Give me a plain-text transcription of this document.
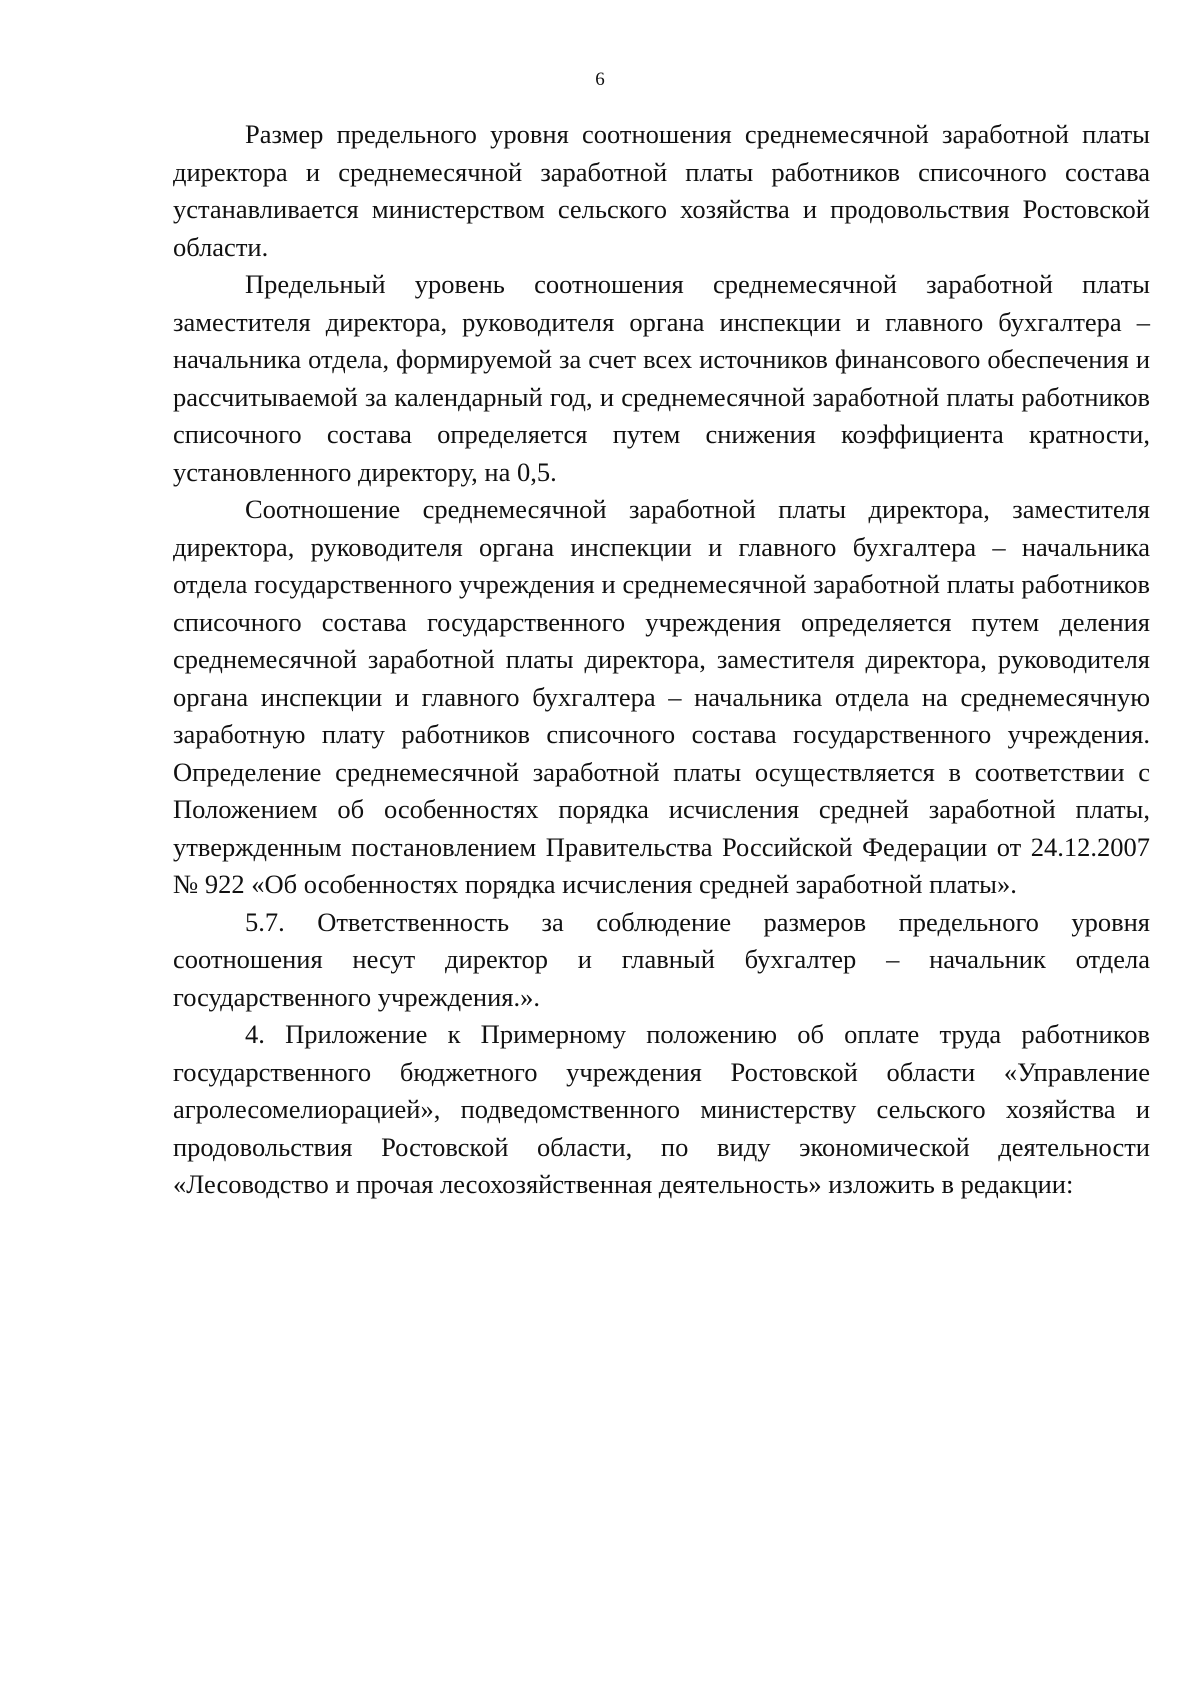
6

Размер предельного уровня соотношения среднемесячной заработной платы директора и среднемесячной заработной платы работников списочного состава устанавливается министерством сельского хозяйства и продовольствия Ростовской области.

Предельный уровень соотношения среднемесячной заработной платы заместителя директора, руководителя органа инспекции и главного бухгалтера – начальника отдела, формируемой за счет всех источников финансового обеспечения и рассчитываемой за календарный год, и среднемесячной заработной платы работников списочного состава определяется путем снижения коэффициента кратности, установленного директору, на 0,5.

Соотношение среднемесячной заработной платы директора, заместителя директора, руководителя органа инспекции и главного бухгалтера – начальника отдела государственного учреждения и среднемесячной заработной платы работников списочного состава государственного учреждения определяется путем деления среднемесячной заработной платы директора, заместителя директора, руководителя органа инспекции и главного бухгалтера – начальника отдела на среднемесячную заработную плату работников списочного состава государственного учреждения. Определение среднемесячной заработной платы осуществляется в соответствии с Положением об особенностях порядка исчисления средней заработной платы, утвержденным постановлением Правительства Российской Федерации от 24.12.2007 № 922 «Об особенностях порядка исчисления средней заработной платы».

5.7. Ответственность за соблюдение размеров предельного уровня соотношения несут директор и главный бухгалтер – начальник отдела государственного учреждения.».

4. Приложение к Примерному положению об оплате труда работников государственного бюджетного учреждения Ростовской области «Управление агролесомелиорацией», подведомственного министерству сельского хозяйства и продовольствия Ростовской области, по виду экономической деятельности «Лесоводство и прочая лесохозяйственная деятельность» изложить в редакции:
